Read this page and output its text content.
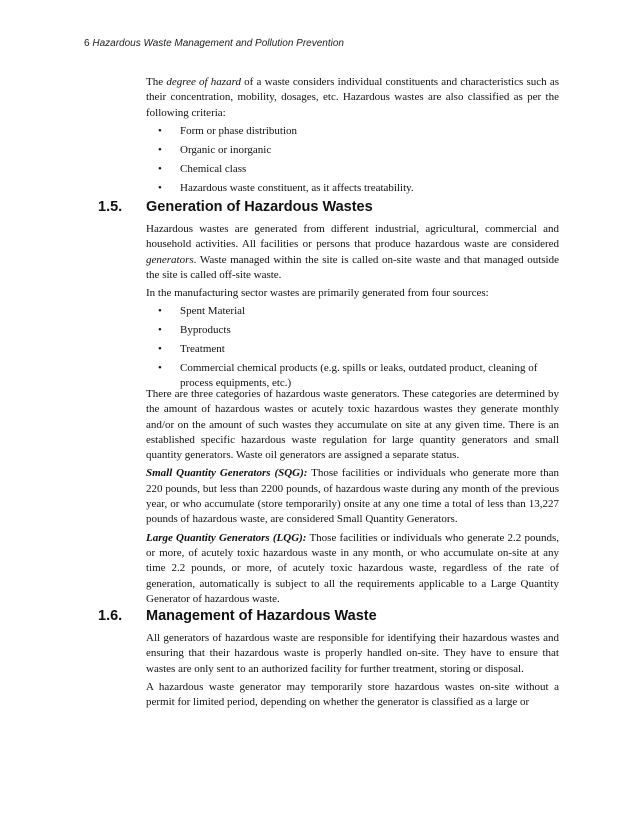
6 Hazardous Waste Management and Pollution Prevention

The degree of hazard of a waste considers individual constituents and characteristics such as their concentration, mobility, dosages, etc. Hazardous wastes are also classified as per the following criteria:

• Form or phase distribution
• Organic or inorganic
• Chemical class
• Hazardous waste constituent, as it affects treatability.
1.5. Generation of Hazardous Wastes

Hazardous wastes are generated from different industrial, agricultural, commercial and household activities. All facilities or persons that produce hazardous waste are considered generators. Waste managed within the site is called on-site waste and that managed outside the site is called off-site waste.

In the manufacturing sector wastes are primarily generated from four sources:

• Spent Material
• Byproducts
• Treatment
• Commercial chemical products (e.g. spills or leaks, outdated product, cleaning of process equipments, etc.)

There are three categories of hazardous waste generators. These categories are determined by the amount of hazardous wastes or acutely toxic hazardous wastes they generate monthly and/or on the amount of such wastes they accumulate on site at any given time. There is an established specific hazardous waste regulation for large quantity generators and small quantity generators. Waste oil generators are assigned a separate status.

Small Quantity Generators (SQG): Those facilities or individuals who generate more than 220 pounds, but less than 2200 pounds, of hazardous waste during any month of the previous year, or who accumulate (store temporarily) onsite at any one time a total of less than 13,227 pounds of hazardous waste, are considered Small Quantity Generators.

Large Quantity Generators (LQG): Those facilities or individuals who generate 2.2 pounds, or more, of acutely toxic hazardous waste in any month, or who accumulate on-site at any time 2.2 pounds, or more, of acutely toxic hazardous waste, regardless of the rate of generation, automatically is subject to all the requirements applicable to a Large Quantity Generator of hazardous waste.

1.6. Management of Hazardous Waste

All generators of hazardous waste are responsible for identifying their hazardous wastes and ensuring that their hazardous waste is properly handled on-site. They have to ensure that wastes are only sent to an authorized facility for further treatment, storing or disposal.

A hazardous waste generator may temporarily store hazardous wastes on-site without a permit for limited period, depending on whether the generator is classified as a large or
